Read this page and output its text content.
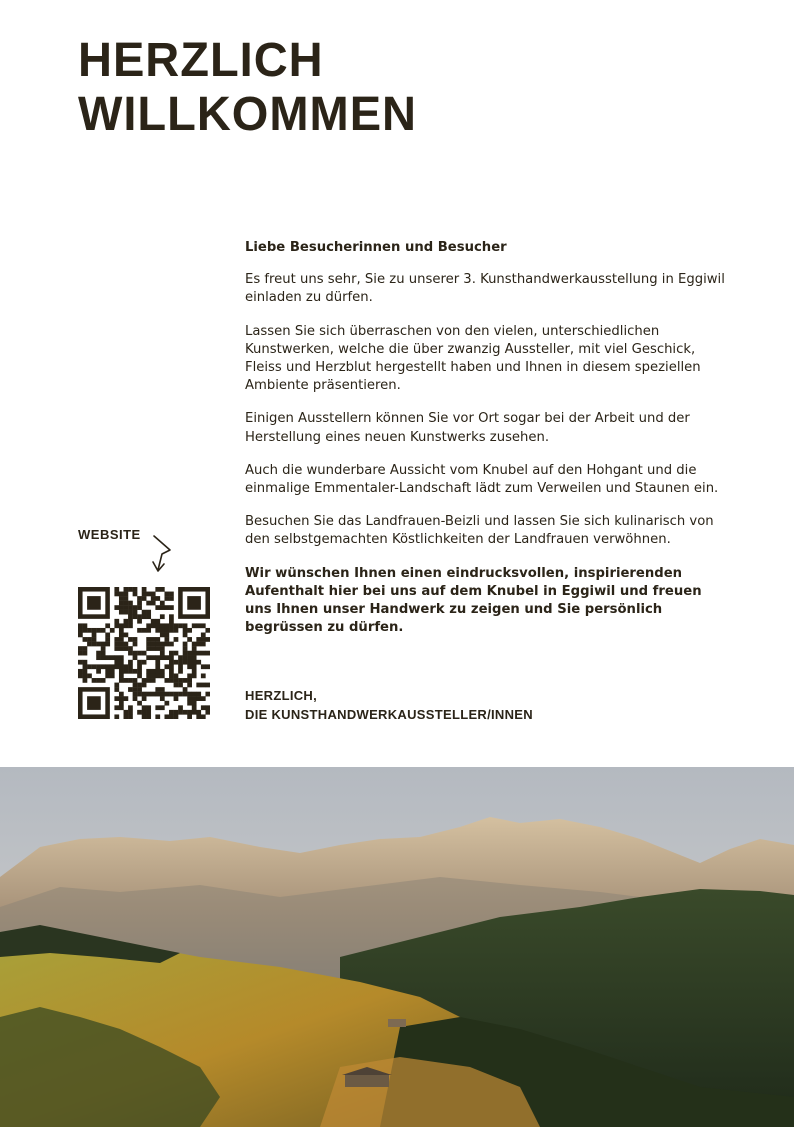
HERZLICH
WILLKOMMEN

Liebe Besucherinnen und Besucher

Es freut uns sehr, Sie zu unserer 3. Kunsthandwerkausstellung in Eggiwil einladen zu dürfen.

Lassen Sie sich überraschen von den vielen, unterschiedlichen Kunstwerken, welche die über zwanzig Aussteller, mit viel Geschick, Fleiss und Herzblut hergestellt haben und Ihnen in diesem speziellen Ambiente präsentieren.

Einigen Ausstellern können Sie vor Ort sogar bei der Arbeit und der Herstellung eines neuen Kunstwerks zusehen.

Auch die wunderbare Aussicht vom Knubel auf den Hohgant und die einmalige Emmentaler-Landschaft lädt zum Verweilen und Staunen ein.

Besuchen Sie das Landfrauen-Beizli und lassen Sie sich kulinarisch von den selbstgemachten Köstlichkeiten der Landfrauen verwöhnen.

Wir wünschen Ihnen einen eindrucksvollen, inspirierenden Aufenthalt hier bei uns auf dem Knubel in Eggiwil und freuen uns Ihnen unser Handwerk zu zeigen und Sie persönlich begrüssen zu dürfen.

HERZLICH,
DIE KUNSTHANDWERKAUSSTELLER/INNEN
WEBSITE
